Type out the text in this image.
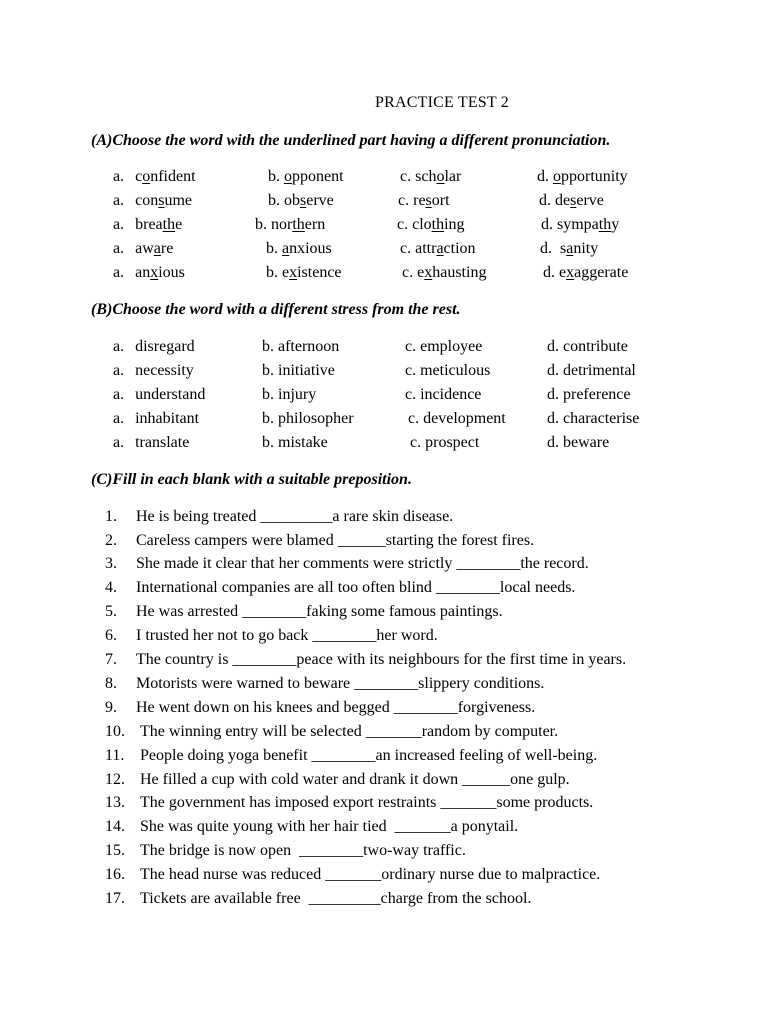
PRACTICE TEST 2
(A)Choose the word with the underlined part having a different pronunciation.
a. confident	b. opponent	c. scholar	d. opportunity
a. consume	b. observe	c. resort	d. deserve
a. breathe	b. northern	c. clothing	d. sympathy
a. aware	b. anxious	c. attraction	d. sanity
a. anxious	b. existence	c. exhausting	d. exaggerate
(B)Choose the word with a different stress from the rest.
a. disregard	b. afternoon	c. employee	d. contribute
a. necessity	b. initiative	c. meticulous	d. detrimental
a. understand	b. injury	c. incidence	d. preference
a. inhabitant	b. philosopher	c. development	d. characterise
a. translate	b. mistake	c. prospect	d. beware
(C)Fill in each blank with a suitable preposition.
1. He is being treated _________a rare skin disease.
2. Careless campers were blamed ______starting the forest fires.
3. She made it clear that her comments were strictly ________the record.
4. International companies are all too often blind ________local needs.
5. He was arrested ________faking some famous paintings.
6. I trusted her not to go back ________her word.
7. The country is ________peace with its neighbours for the first time in years.
8. Motorists were warned to beware ________slippery conditions.
9. He went down on his knees and begged ________forgiveness.
10. The winning entry will be selected _______random by computer.
11. People doing yoga benefit ________an increased feeling of well-being.
12. He filled a cup with cold water and drank it down ______one gulp.
13. The government has imposed export restraints _______some products.
14. She was quite young with her hair tied  _______a ponytail.
15. The bridge is now open  ________two-way traffic.
16. The head nurse was reduced _______ordinary nurse due to malpractice.
17. Tickets are available free  _________charge from the school.
